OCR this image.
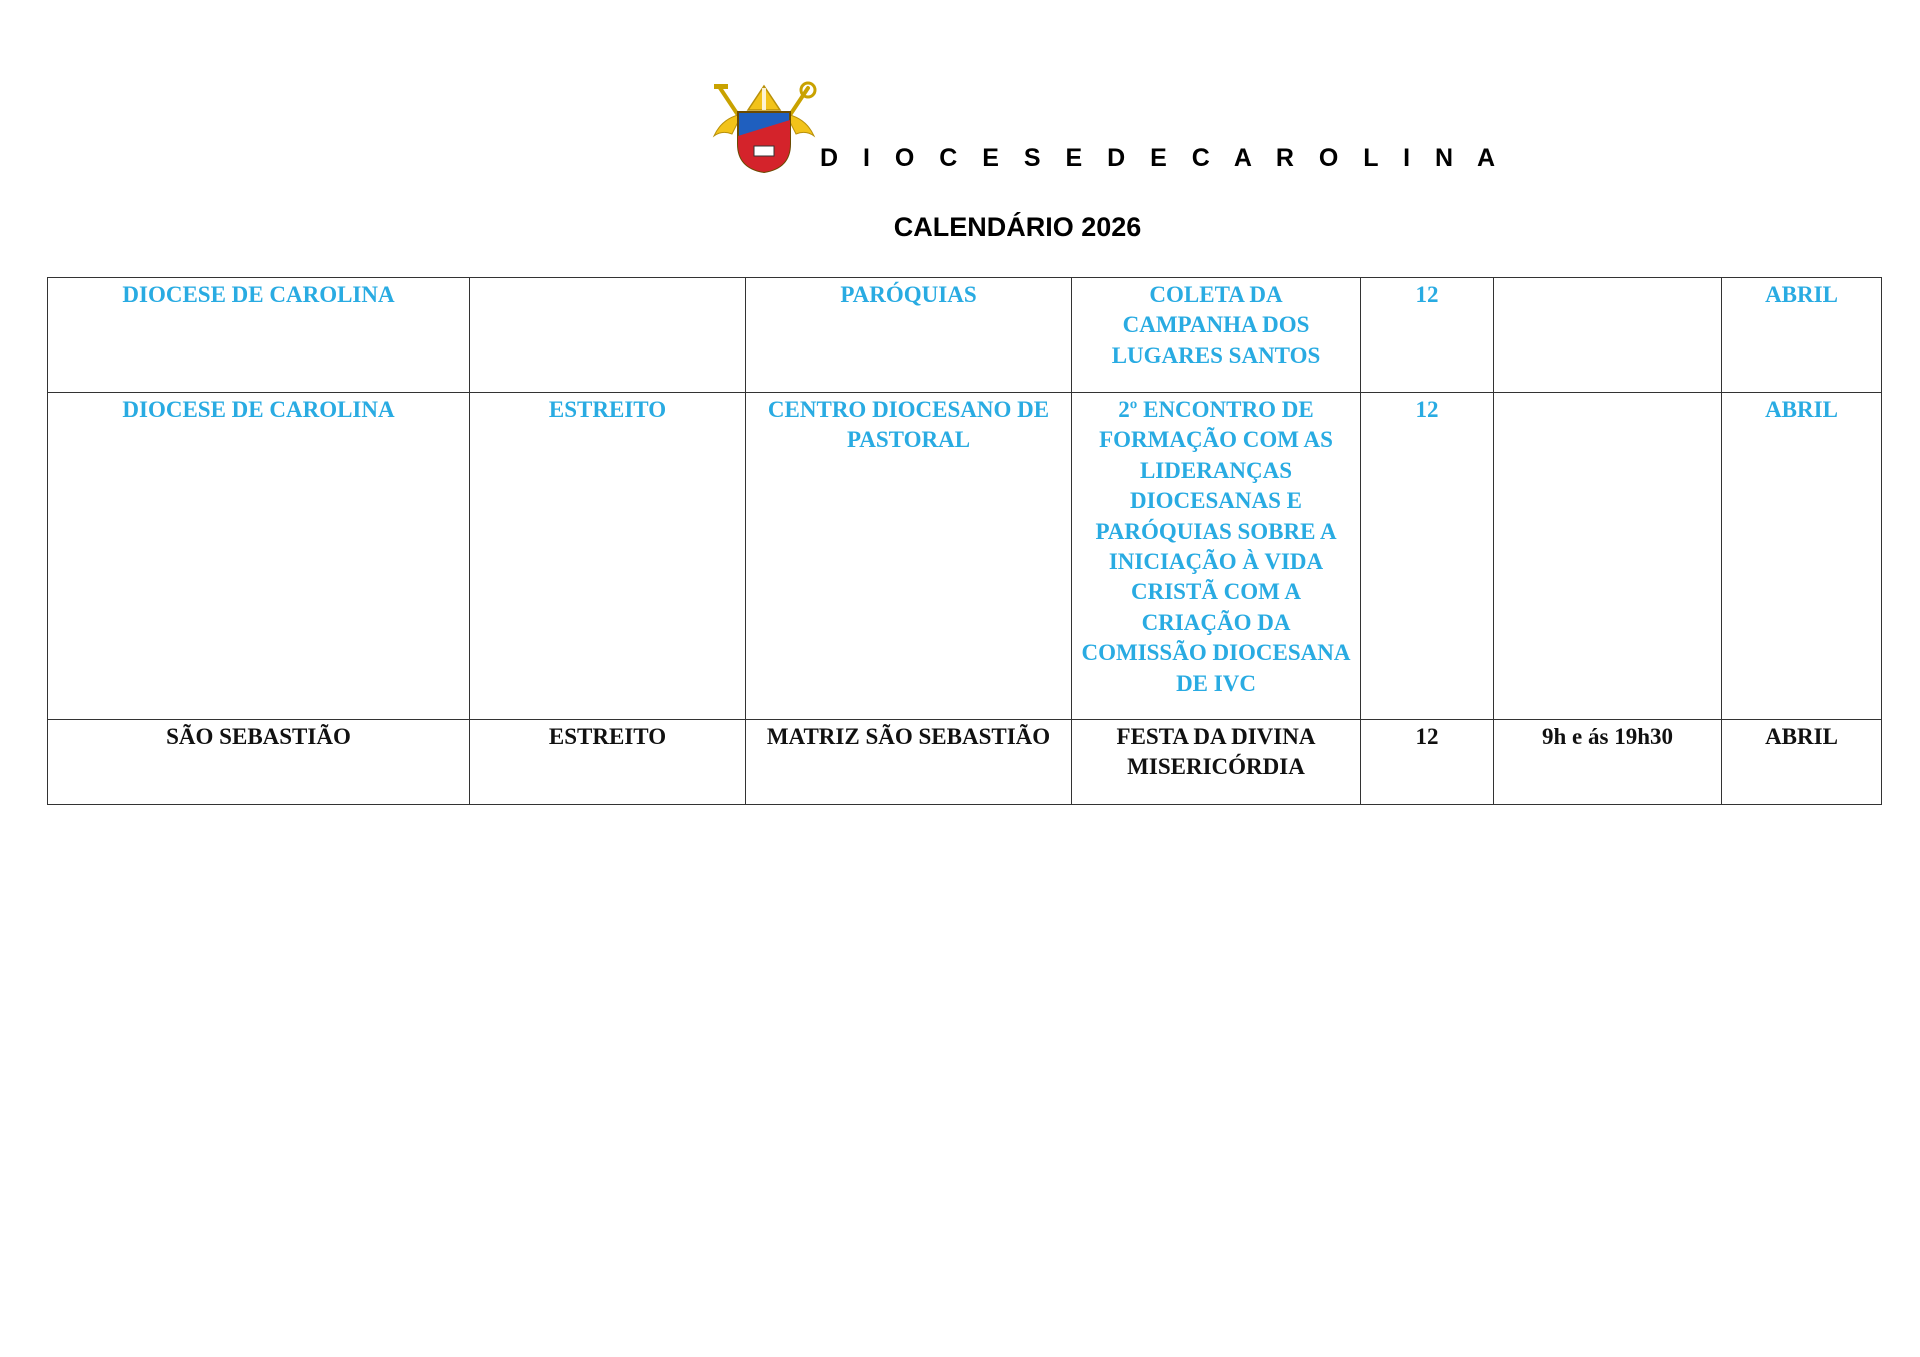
D I O C E S E D E C A R O L I N A
CALENDÁRIO 2026
DIOCESE DE CAROLINA		PARÓQUIAS	COLETA DA CAMPANHA DOS LUGARES SANTOS	12		ABRIL
DIOCESE DE CAROLINA	ESTREITO	CENTRO DIOCESANO DE PASTORAL	2º ENCONTRO DE FORMAÇÃO COM AS LIDERANÇAS DIOCESANAS E PARÓQUIAS SOBRE A INICIAÇÃO À VIDA CRISTÃ COM A CRIAÇÃO DA COMISSÃO DIOCESANA DE IVC	12		ABRIL
SÃO SEBASTIÃO	ESTREITO	MATRIZ SÃO SEBASTIÃO	FESTA DA DIVINA MISERICÓRDIA	12	9h e ás 19h30	ABRIL
